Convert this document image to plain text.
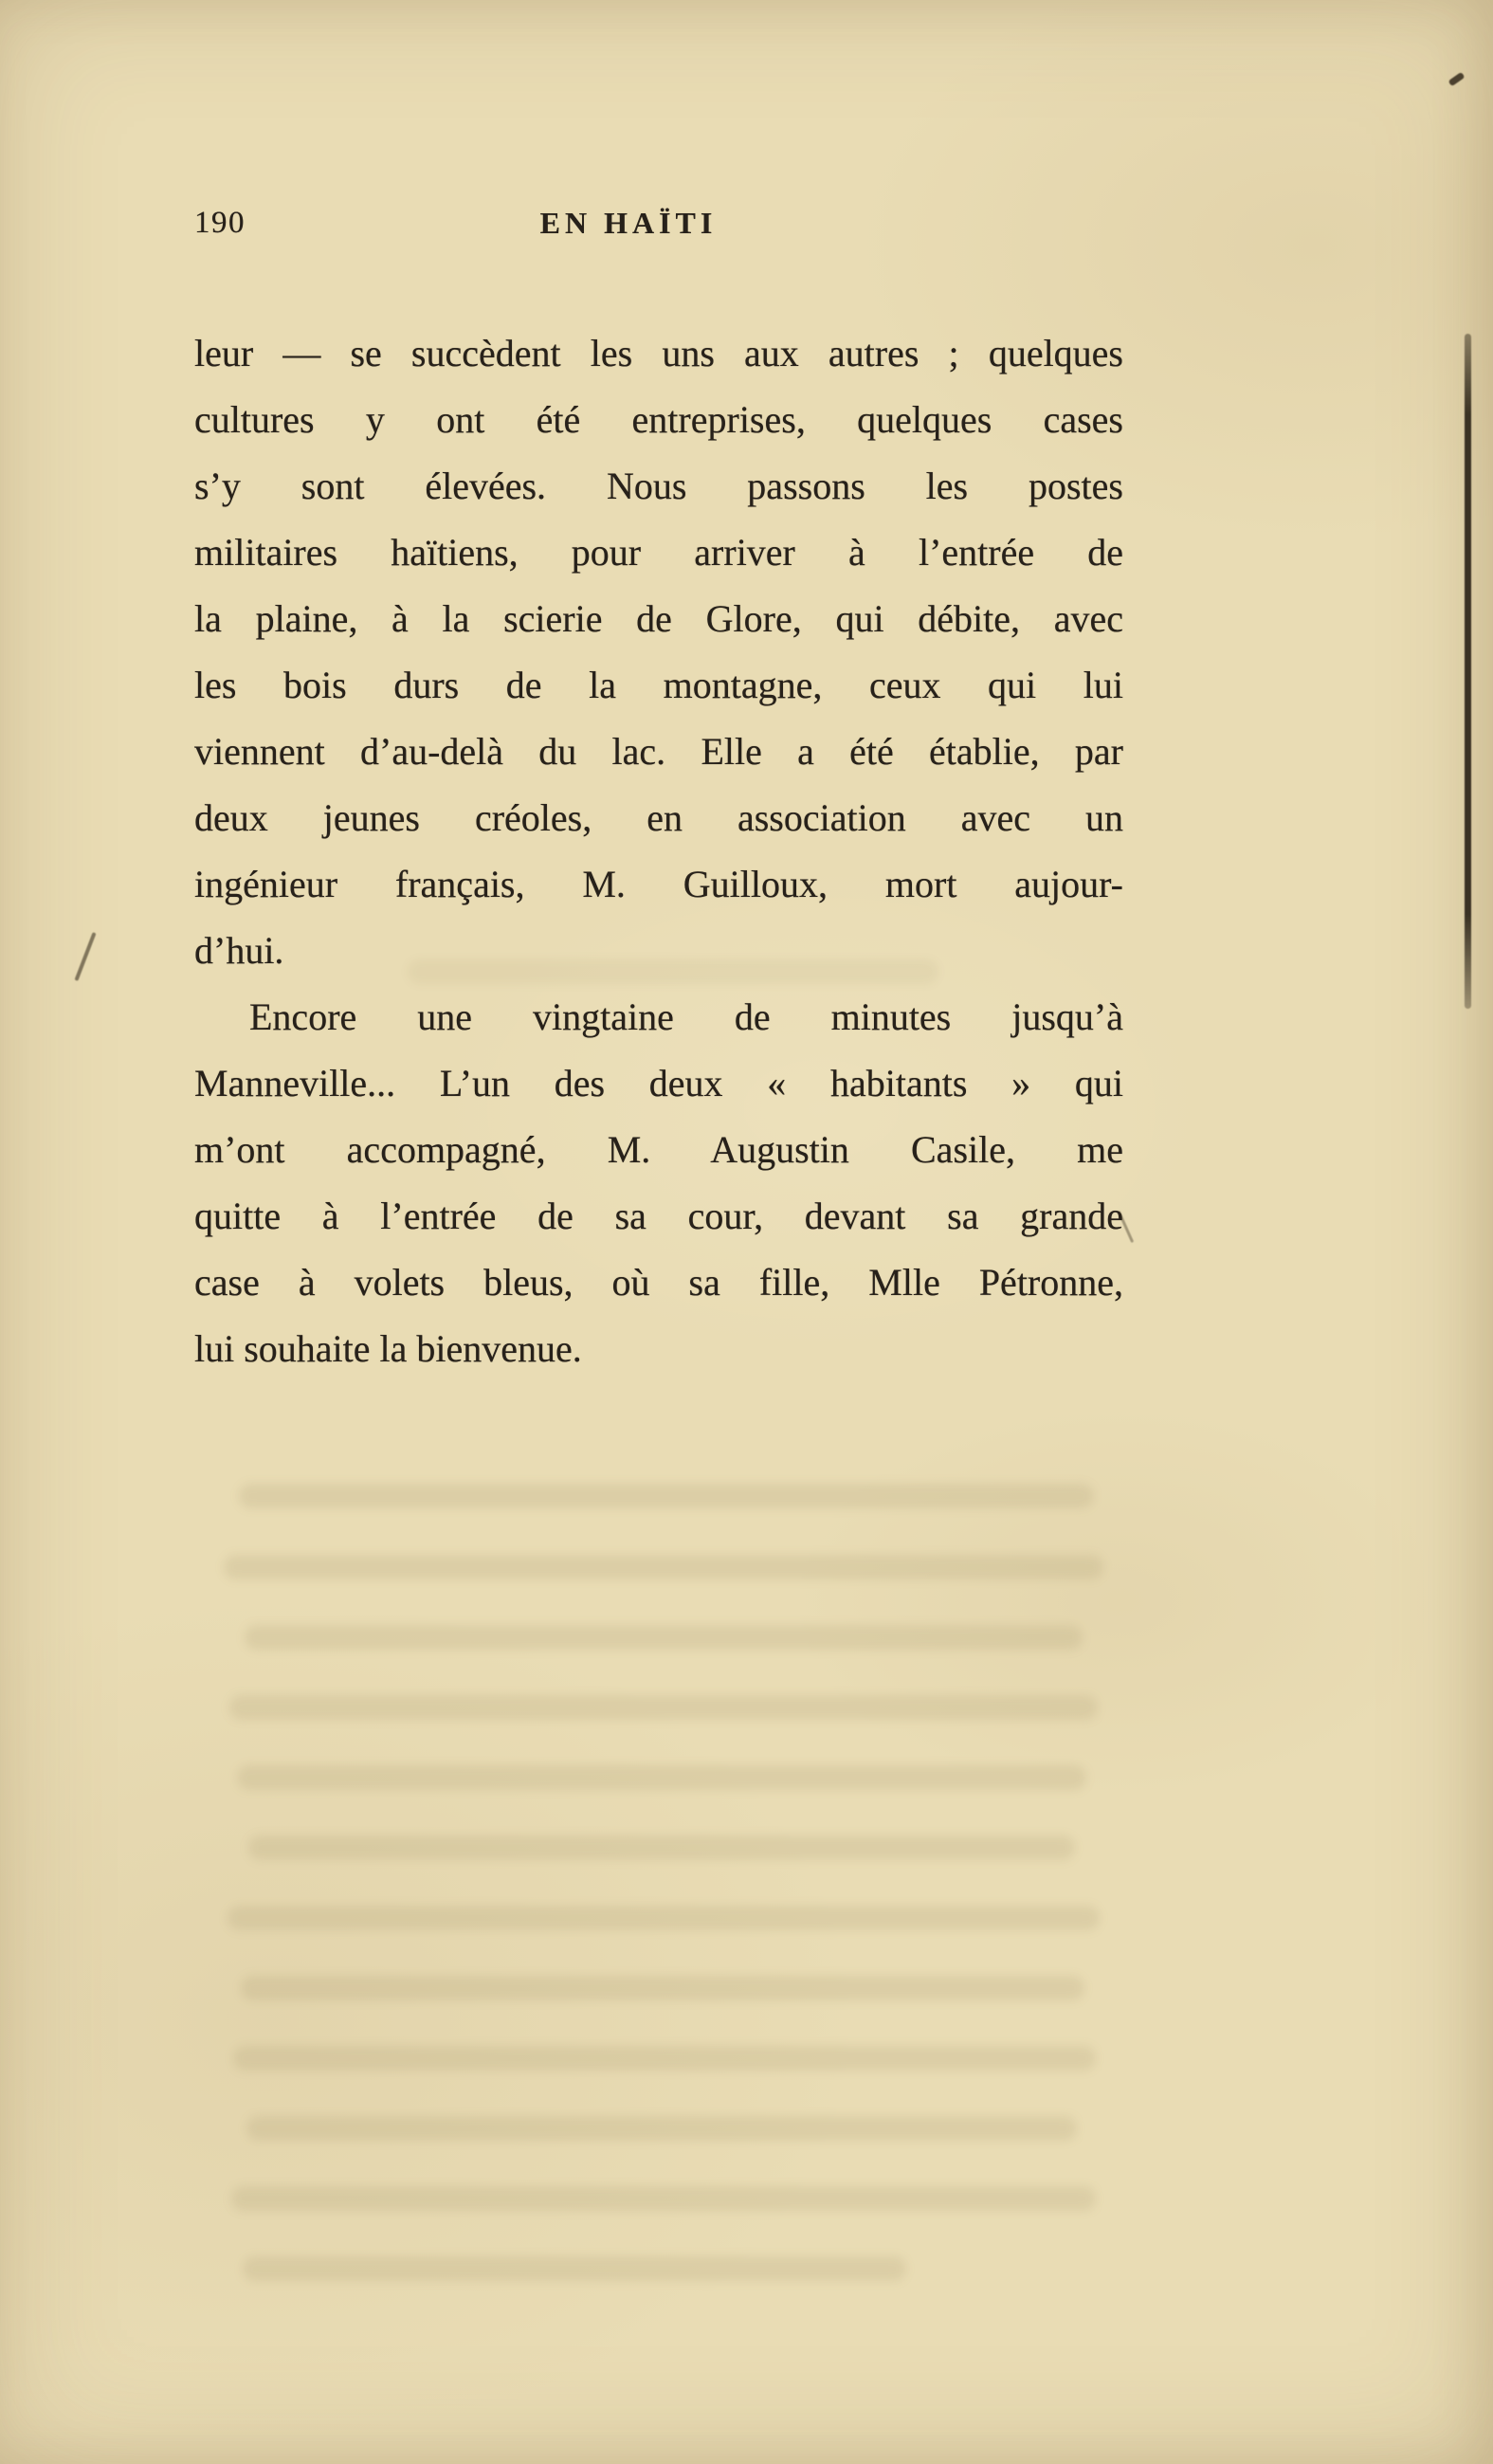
190	EN HAÏTI
leur — se succèdent les uns aux autres ; quelques
cultures y ont été entreprises, quelques cases
s’y sont élevées. Nous passons les postes
militaires haïtiens, pour arriver à l’entrée de
la plaine, à la scierie de Glore, qui débite, avec
les bois durs de la montagne, ceux qui lui
viennent d’au-delà du lac. Elle a été établie, par
deux jeunes créoles, en association avec un
ingénieur français, M. Guilloux, mort aujour-
d’hui.
Encore une vingtaine de minutes jusqu’à
Manneville... L’un des deux « habitants » qui
m’ont accompagné, M. Augustin Casile, me
quitte à l’entrée de sa cour, devant sa grande
case à volets bleus, où sa fille, Mlle Pétronne,
lui souhaite la bienvenue.
